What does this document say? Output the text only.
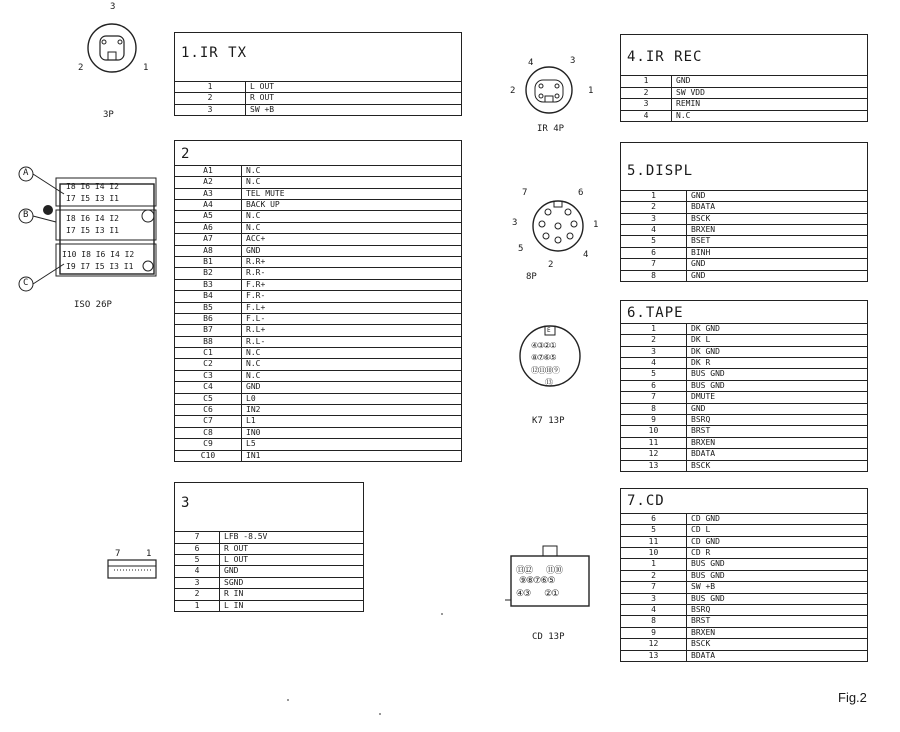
3
2	1
3P
A
B
C
I8 I6 I4 I2
I7 I5 I3 I1
I8 I6 I4 I2
I7 I5 I3 I1
I10 I8 I6 I4 I2
I9 I7 I5 I3 I1
ISO 26P
4	3
2	1
IR 4P
7	6
3	1
5
4
2
8P
E
④③②①
⑧⑦⑥⑤
⑫⑪⑩⑨
⑬
K7 13P
⑬⑫ ⑪⑩
⑨⑧⑦⑥⑤
④③ ②①
CD 13P
7	1
1.IR TX
1	L OUT
2	R OUT
3	SW +B
2
A1	N.C
A2	N.C
A3	TEL MUTE
A4	BACK UP
A5	N.C
A6	N.C
A7	ACC+
A8	GND
B1	R.R+
B2	R.R-
B3	F.R+
B4	F.R-
B5	F.L+
B6	F.L-
B7	R.L+
B8	R.L-
C1	N.C
C2	N.C
C3	N.C
C4	GND
C5	L0
C6	IN2
C7	L1
C8	IN0
C9	L5
C10	IN1
3
7	LFB -8.5V
6	R OUT
5	L OUT
4	GND
3	SGND
2	R IN
1	L IN
4.IR REC
1	GND
2	SW VDD
3	REMIN
4	N.C
5.DISPL
1	GND
2	BDATA
3	BSCK
4	BRXEN
5	BSET
6	BINH
7	GND
8	GND
6.TAPE
1	DK GND
2	DK L
3	DK GND
4	DK R
5	BUS GND
6	BUS GND
7	DMUTE
8	GND
9	BSRQ
10	BRST
11	BRXEN
12	BDATA
13	BSCK
7.CD
6	CD GND
5	CD L
11	CD GND
10	CD R
1	BUS GND
2	BUS GND
7	SW +B
3	BUS GND
4	BSRQ
8	BRST
9	BRXEN
12	BSCK
13	BDATA
Fig.2
